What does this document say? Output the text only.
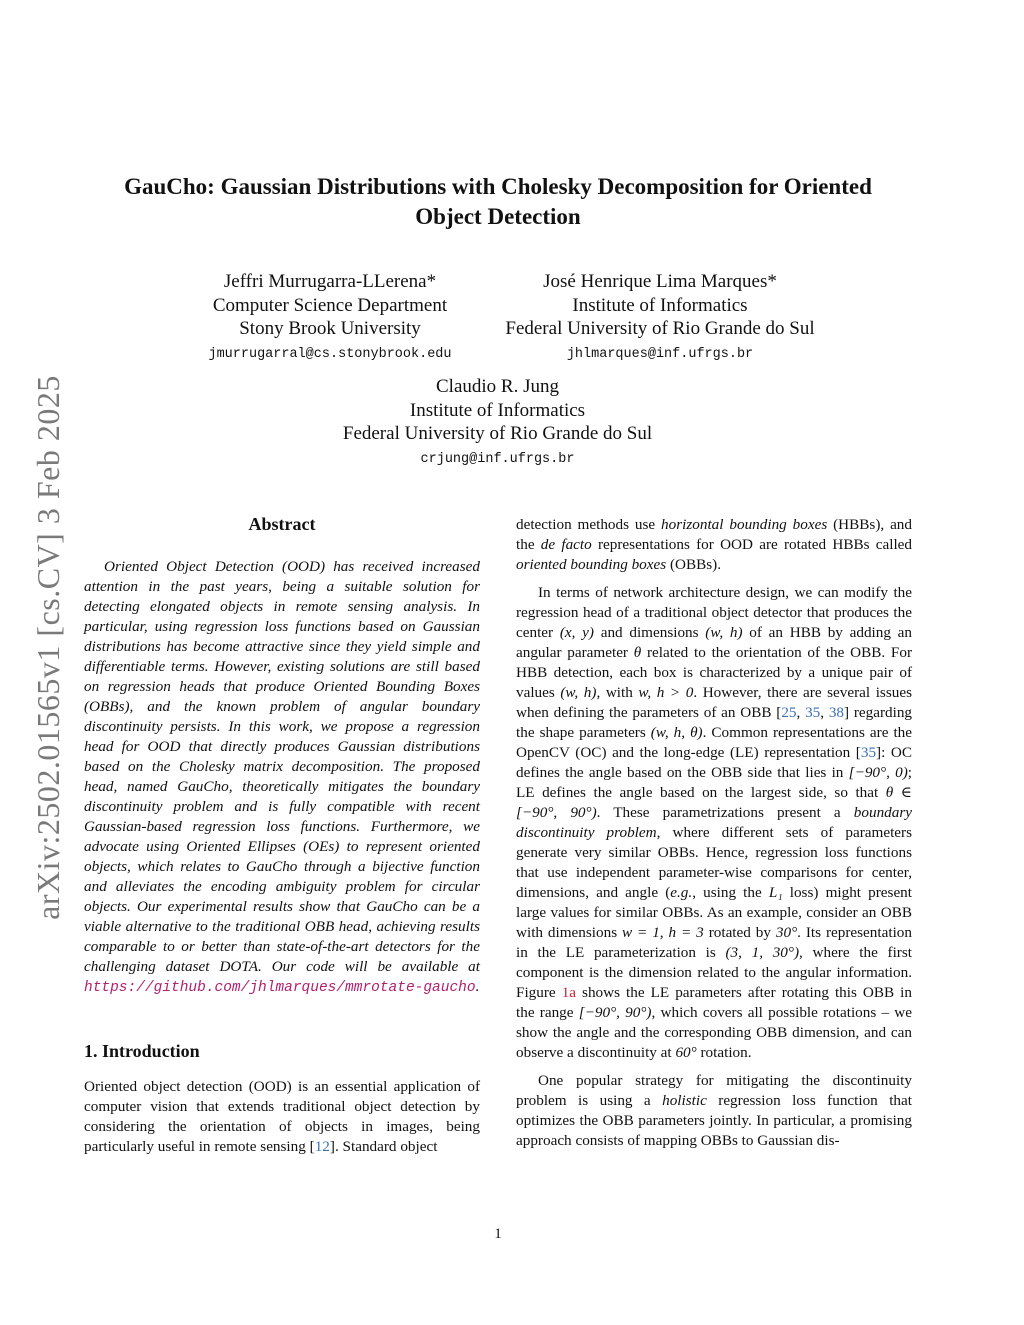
arXiv:2502.01565v1 [cs.CV] 3 Feb 2025
GauCho: Gaussian Distributions with Cholesky Decomposition for Oriented
Object Detection
Jeffri Murrugarra-LLerena*
Computer Science Department
Stony Brook University
jmurrugarral@cs.stonybrook.edu
José Henrique Lima Marques*
Institute of Informatics
Federal University of Rio Grande do Sul
jhlmarques@inf.ufrgs.br
Claudio R. Jung
Institute of Informatics
Federal University of Rio Grande do Sul
crjung@inf.ufrgs.br
Abstract

Oriented Object Detection (OOD) has received increased attention in the past years, being a suitable solution for detecting elongated objects in remote sensing analysis. In particular, using regression loss functions based on Gaussian distributions has become attractive since they yield simple and differentiable terms. However, existing solutions are still based on regression heads that produce Oriented Bounding Boxes (OBBs), and the known problem of angular boundary discontinuity persists. In this work, we propose a regression head for OOD that directly produces Gaussian distributions based on the Cholesky matrix decomposition. The proposed head, named GauCho, theoretically mitigates the boundary discontinuity problem and is fully compatible with recent Gaussian-based regression loss functions. Furthermore, we advocate using Oriented Ellipses (OEs) to represent oriented objects, which relates to GauCho through a bijective function and alleviates the encoding ambiguity problem for circular objects. Our experimental results show that GauCho can be a viable alternative to the traditional OBB head, achieving results comparable to or better than state-of-the-art detectors for the challenging dataset DOTA. Our code will be available at https://github.com/jhlmarques/mmrotate-gaucho.

1. Introduction

Oriented object detection (OOD) is an essential application of computer vision that extends traditional object detection by considering the orientation of objects in images, being particularly useful in remote sensing [12]. Standard object

detection methods use horizontal bounding boxes (HBBs), and the de facto representations for OOD are rotated HBBs called oriented bounding boxes (OBBs).

In terms of network architecture design, we can modify the regression head of a traditional object detector that produces the center (x, y) and dimensions (w, h) of an HBB by adding an angular parameter θ related to the orientation of the OBB. For HBB detection, each box is characterized by a unique pair of values (w, h), with w, h > 0. However, there are several issues when defining the parameters of an OBB [25, 35, 38] regarding the shape parameters (w, h, θ). Common representations are the OpenCV (OC) and the long-edge (LE) representation [35]: OC defines the angle based on the OBB side that lies in [−90°, 0); LE defines the angle based on the largest side, so that θ ∈ [−90°, 90°). These parametrizations present a boundary discontinuity problem, where different sets of parameters generate very similar OBBs. Hence, regression loss functions that use independent parameter-wise comparisons for center, dimensions, and angle (e.g., using the L₁ loss) might present large values for similar OBBs. As an example, consider an OBB with dimensions w = 1, h = 3 rotated by 30°. Its representation in the LE parameterization is (3, 1, 30°), where the first component is the dimension related to the angular information. Figure 1a shows the LE parameters after rotating this OBB in the range [−90°, 90°), which covers all possible rotations – we show the angle and the corresponding OBB dimension, and can observe a discontinuity at 60° rotation.

One popular strategy for mitigating the discontinuity problem is using a holistic regression loss function that optimizes the OBB parameters jointly. In particular, a promising approach consists of mapping OBBs to Gaussian dis-

1
